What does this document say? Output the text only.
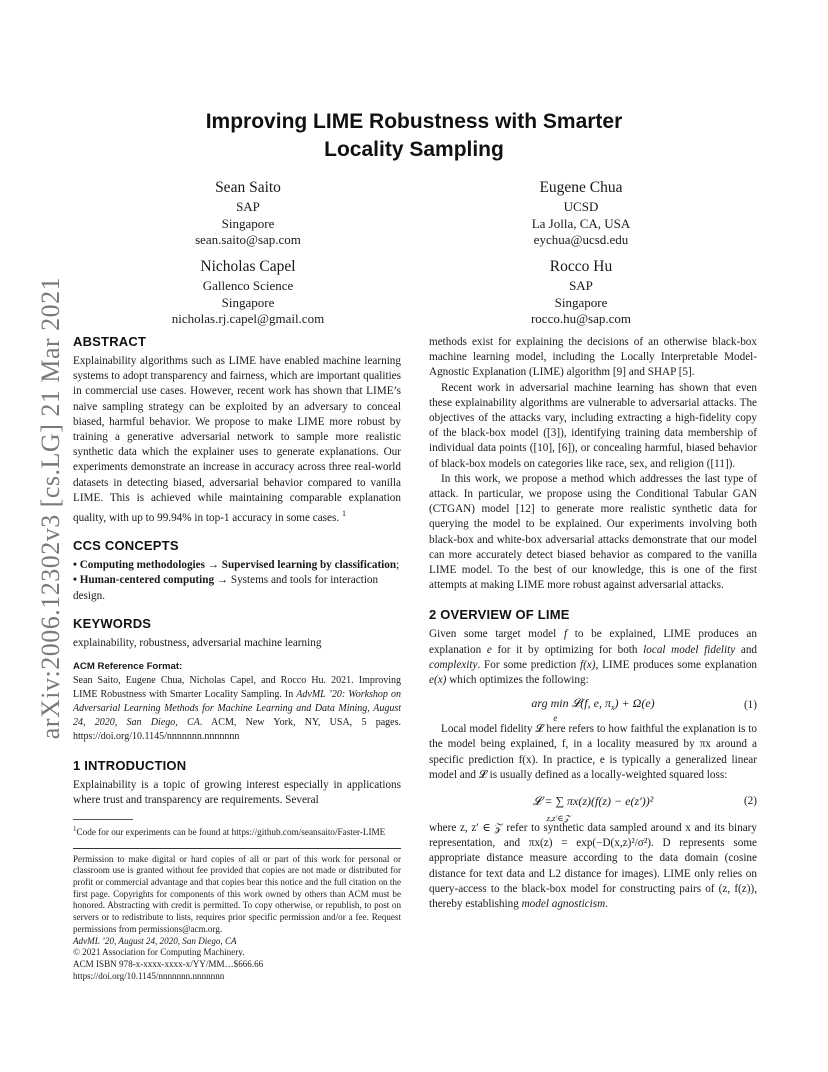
arXiv:2006.12302v3 [cs.LG] 21 Mar 2021
Improving LIME Robustness with Smarter
Locality Sampling
Sean Saito
SAP
Singapore
sean.saito@sap.com
Eugene Chua
UCSD
La Jolla, CA, USA
eychua@ucsd.edu
Nicholas Capel
Gallenco Science
Singapore
nicholas.rj.capel@gmail.com
Rocco Hu
SAP
Singapore
rocco.hu@sap.com
ABSTRACT

Explainability algorithms such as LIME have enabled machine learning systems to adopt transparency and fairness, which are important qualities in commercial use cases. However, recent work has shown that LIME’s naive sampling strategy can be exploited by an adversary to conceal biased, harmful behavior. We propose to make LIME more robust by training a generative adversarial network to sample more realistic synthetic data which the explainer uses to generate explanations. Our experiments demonstrate an increase in accuracy across three real-world datasets in detecting biased, adversarial behavior compared to vanilla LIME. This is achieved while maintaining comparable explanation quality, with up to 99.94% in top-1 accuracy in some cases. $^1$

CCS CONCEPTS

• Computing methodologies → Supervised learning by classification; • Human-centered computing → Systems and tools for interaction design.

KEYWORDS

explainability, robustness, adversarial machine learning

ACM Reference Format:

Sean Saito, Eugene Chua, Nicholas Capel, and Rocco Hu. 2021. Improving LIME Robustness with Smarter Locality Sampling. In AdvML ’20: Workshop on Adversarial Learning Methods for Machine Learning and Data Mining, August 24, 2020, San Diego, CA. ACM, New York, NY, USA, 5 pages. https://doi.org/10.1145/nnnnnnn.nnnnnnn

1 INTRODUCTION

Explainability is a topic of growing interest especially in applications where trust and transparency are requirements. Several

$^1$Code for our experiments can be found at https://github.com/seansaito/Faster-LIME

Permission to make digital or hard copies of all or part of this work for personal or classroom use is granted without fee provided that copies are not made or distributed for profit or commercial advantage and that copies bear this notice and the full citation on the first page. Copyrights for components of this work owned by others than ACM must be honored. Abstracting with credit is permitted. To copy otherwise, or republish, to post on servers or to redistribute to lists, requires prior specific permission and/or a fee. Request permissions from permissions@acm.org.

AdvML ’20, August 24, 2020, San Diego, CA

© 2021 Association for Computing Machinery.

ACM ISBN 978-x-xxxx-xxxx-x/YY/MM…$666.66

https://doi.org/10.1145/nnnnnnn.nnnnnnn

methods exist for explaining the decisions of an otherwise black-box machine learning model, including the Locally Interpretable Model-Agnostic Explanation (LIME) algorithm [9] and SHAP [5].

Recent work in adversarial machine learning has shown that even these explainability algorithms are vulnerable to adversarial attacks. The objectives of the attacks vary, including extracting a high-fidelity copy of the black-box model ([3]), identifying training data membership of individual data points ([10], [6]), or concealing harmful, biased behavior of black-box models on categories like race, sex, and religion ([11]).

In this work, we propose a method which addresses the last type of attack. In particular, we propose using the Conditional Tabular GAN (CTGAN) model [12] to generate more realistic synthetic data for querying the model to be explained. Our experiments involving both black-box and white-box adversarial attacks demonstrate that our model can more accurately detect biased behavior as compared to the vanilla LIME model. To the best of our knowledge, this is one of the first attempts at making LIME more robust against adversarial attacks.

2 OVERVIEW OF LIME

Given some target model f to be explained, LIME produces an explanation e for it by optimizing for both local model fidelity and complexity. For some prediction f(x), LIME produces some explanation e(x) which optimizes the following:

arg min 𝓛(f, e, $\pi_x) + \Omega(e)$
e
(1)

Local model fidelity 𝓛 here refers to how faithful the explanation is to the model being explained, f, in a locality measured by πx around a specific prediction f(x). In practice, e is typically a generalized linear model and 𝓛 is usually defined as a locally-weighted squared loss:

𝓛 = ∑ πx(z)(f(z) − e(z′))²
z,z′∈𝒵
(2)

where z, z′ ∈ 𝒵 refer to synthetic data sampled around x and its binary representation, and πx(z) = exp(−D(x,z)²/σ²). D represents some appropriate distance measure according to the data domain (cosine distance for text data and L2 distance for images). LIME only relies on query-access to the black-box model for constructing pairs of (z, f(z)), thereby establishing model agnosticism.
